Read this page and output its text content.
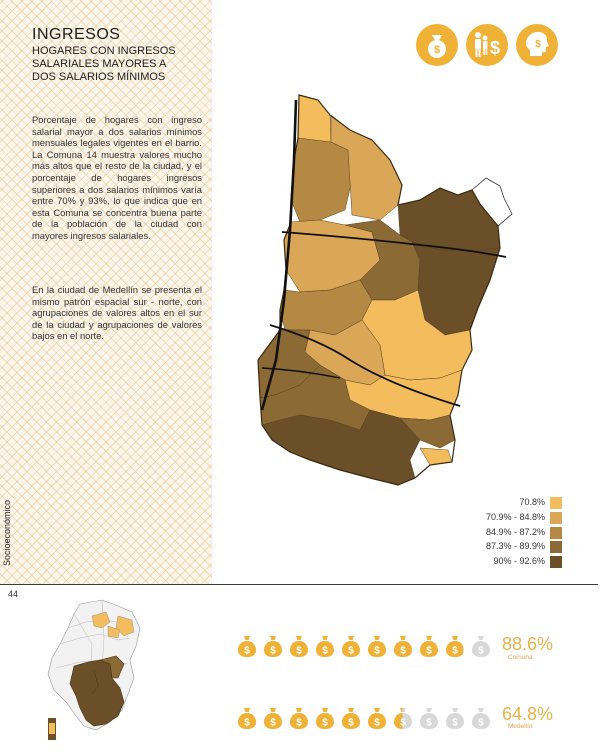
INGRESOS
HOGARES CON INGRESOS
SALARIALES MAYORES A
DOS SALARIOS MÍNIMOS
Porcentaje de hogares con ingreso salarial mayor a dos salarios mínimos mensuales legales vigentes en el barrio. La Comuna 14 muestra valores mucho más altos que el resto de la ciudad, y el porcentaje de hogares ingresos superiores a dos salarios mínimos varía entre 70% y 93%, lo que indica que en esta Comuna se concentra buena parte de la población de la ciudad con mayores ingresos salariales.
En la ciudad de Medellín se presenta el mismo patrón espacial sur - norte, con agrupaciones de valores altos en el sur de la ciudad y agrupaciones de valores bajos en el norte.
$	$	$
70.8%
70.9% - 84.8%
84.9% - 87.2%
87.3% - 89.9%
90% - 92.6%
Socioeconómico
44
$ $ $ $ $ $ $ $ $ $ 88.6%
Comuna
$ $ $ $ $ $ $ $ $ $ 64.8%
Medellín
